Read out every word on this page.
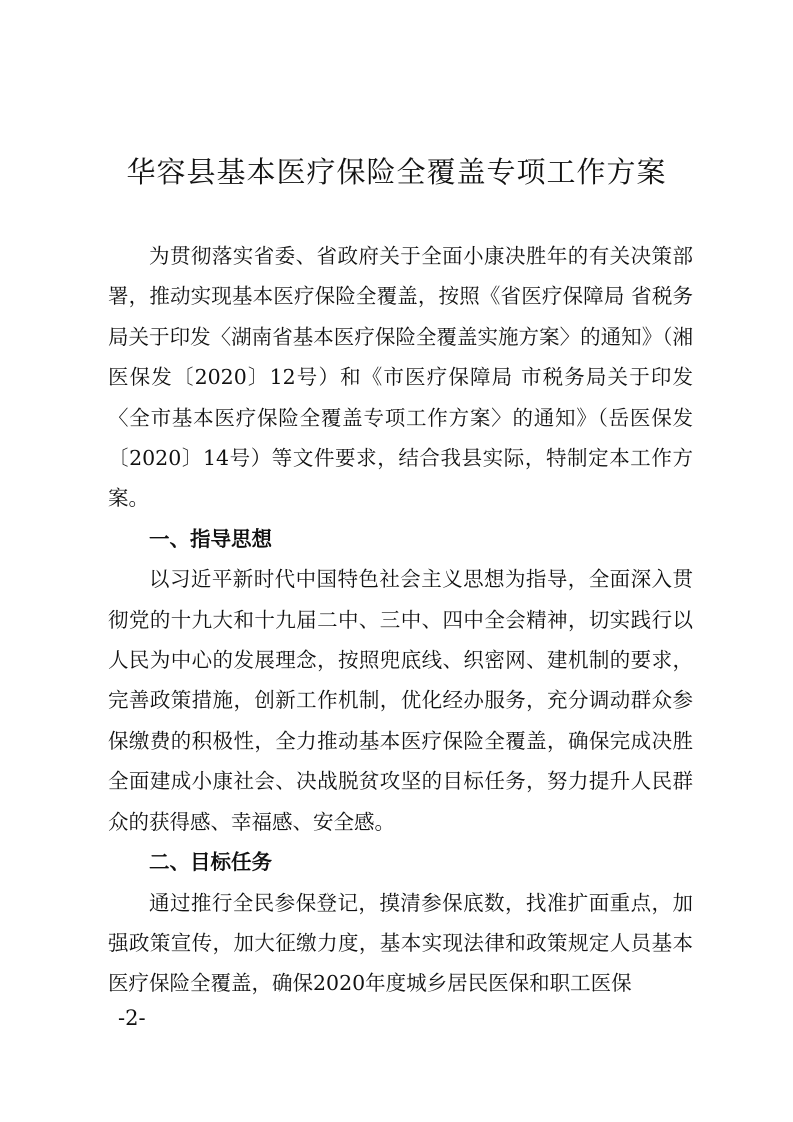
华容县基本医疗保险全覆盖专项工作方案

为贯彻落实省委、省政府关于全面小康决胜年的有关决策部署，推动实现基本医疗保险全覆盖，按照《省医疗保障局 省税务局关于印发〈湖南省基本医疗保险全覆盖实施方案〉的通知》（湘医保发〔2020〕12号）和《市医疗保障局 市税务局关于印发〈全市基本医疗保险全覆盖专项工作方案〉的通知》（岳医保发〔2020〕14号）等文件要求，结合我县实际，特制定本工作方案。

一、指导思想

以习近平新时代中国特色社会主义思想为指导，全面深入贯彻党的十九大和十九届二中、三中、四中全会精神，切实践行以人民为中心的发展理念，按照兜底线、织密网、建机制的要求，完善政策措施，创新工作机制，优化经办服务，充分调动群众参保缴费的积极性，全力推动基本医疗保险全覆盖，确保完成决胜全面建成小康社会、决战脱贫攻坚的目标任务，努力提升人民群众的获得感、幸福感、安全感。

二、目标任务

通过推行全民参保登记，摸清参保底数，找准扩面重点，加强政策宣传，加大征缴力度，基本实现法律和政策规定人员基本医疗保险全覆盖，确保2020年度城乡居民医保和职工医保

-2-
